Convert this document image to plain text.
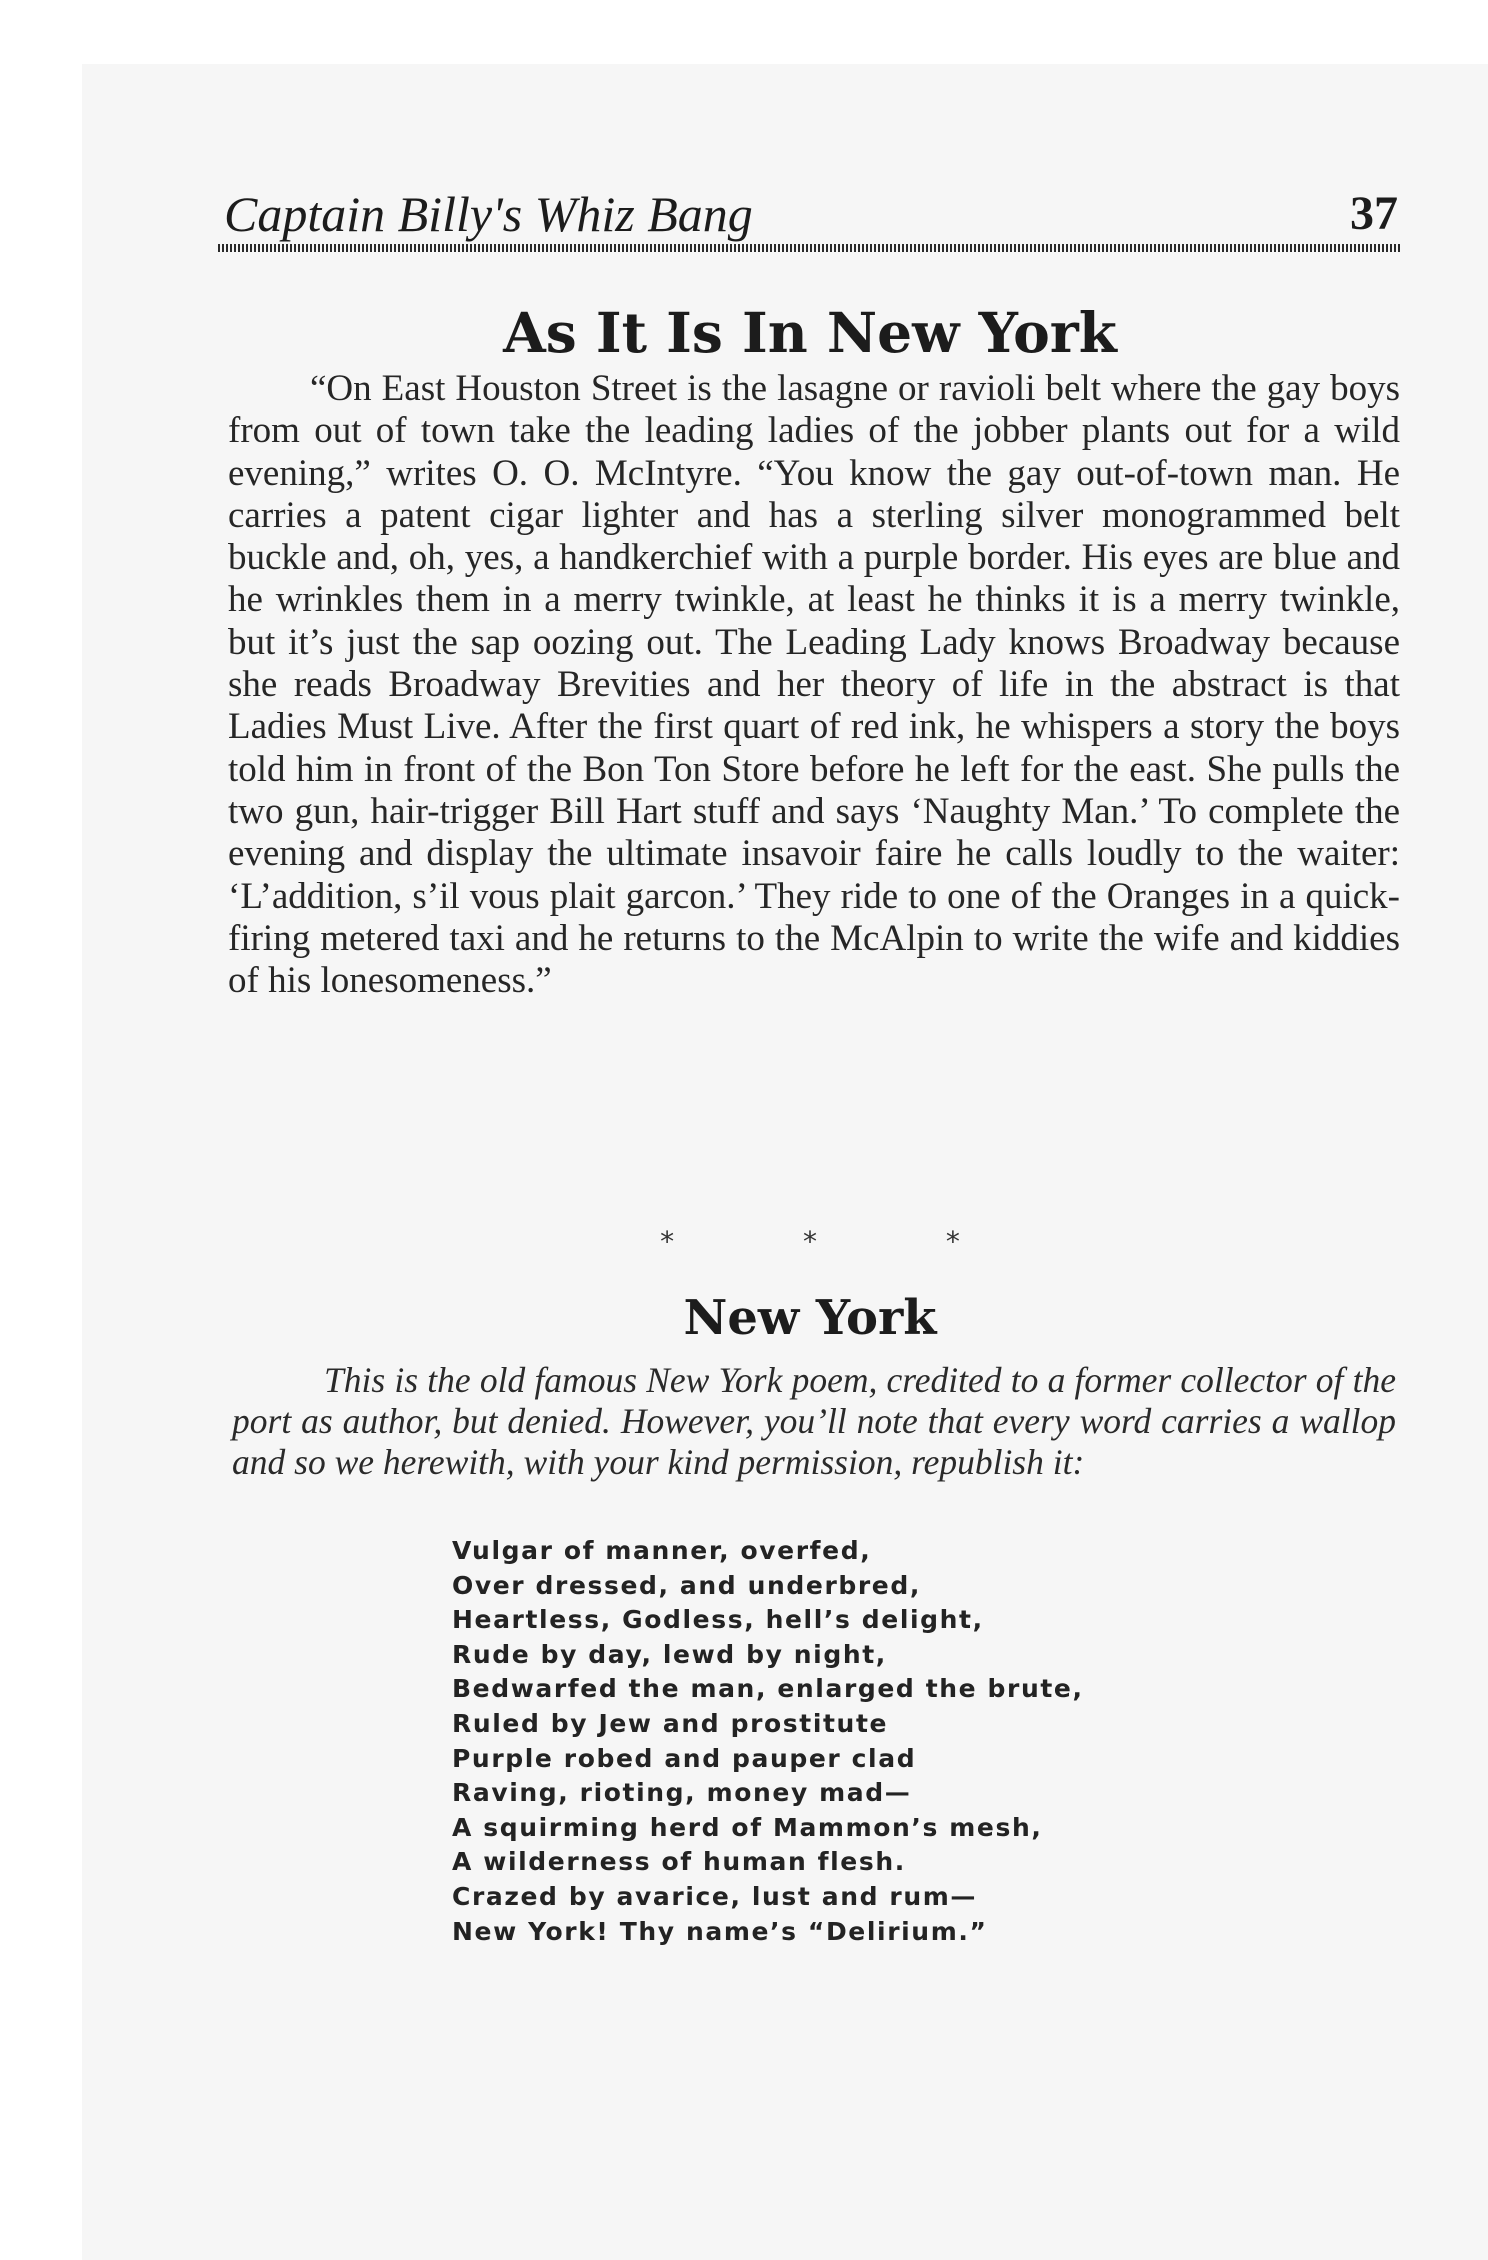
Captain Billy's Whiz Bang	37
As It Is In New York

“On East Houston Street is the lasagne or ravioli belt where the gay boys from out of town take the leading ladies of the jobber plants out for a wild evening,” writes O. O. McIntyre. “You know the gay out-of-town man. He carries a patent cigar lighter and has a sterling silver monogrammed belt buckle and, oh, yes, a handkerchief with a purple border. His eyes are blue and he wrinkles them in a merry twinkle, at least he thinks it is a merry twinkle, but it’s just the sap oozing out. The Leading Lady knows Broadway because she reads Broadway Brevities and her theory of life in the abstract is that Ladies Must Live. After the first quart of red ink, he whispers a story the boys told him in front of the Bon Ton Store before he left for the east. She pulls the two gun, hair-trigger Bill Hart stuff and says ‘Naughty Man.’ To complete the evening and display the ultimate insavoir faire he calls loudly to the waiter: ‘L’addition, s’il vous plait garcon.’ They ride to one of the Oranges in a quick-firing metered taxi and he returns to the McAlpin to write the wife and kiddies of his lonesomeness.”

* * *
New York

This is the old famous New York poem, credited to a former collector of the port as author, but denied. However, you’ll note that every word carries a wallop and so we herewith, with your kind permission, republish it:

Vulgar of manner, overfed,
Over dressed, and underbred,
Heartless, Godless, hell’s delight,
Rude by day, lewd by night,
Bedwarfed the man, enlarged the brute,
Ruled by Jew and prostitute
Purple robed and pauper clad
Raving, rioting, money mad—
A squirming herd of Mammon’s mesh,
A wilderness of human flesh.
Crazed by avarice, lust and rum—
New York! Thy name’s “Delirium.”
